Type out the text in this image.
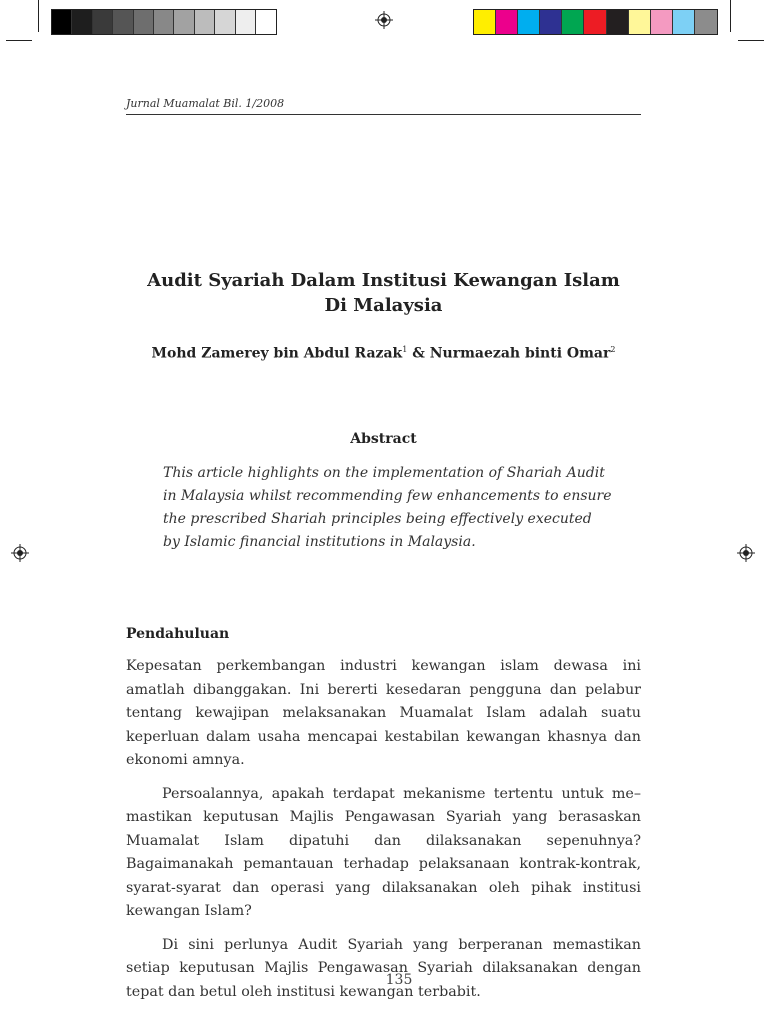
Jurnal Muamalat Bil. 1/2008
Audit Syariah Dalam Institusi Kewangan Islam
Di Malaysia
Mohd Zamerey bin Abdul Razak$^1$ & Nurmaezah binti Omar$^2$
Abstract
This article highlights on the implementation of Shariah Audit in Malaysia whilst recommending few enhancements to ensure the prescribed Shariah principles being effectively executed by Islamic financial institutions in Malaysia.
Pendahuluan

Kepesatan perkembangan industri kewangan islam dewasa ini amatlah dibanggakan. Ini bererti kesedaran pengguna dan pelabur tentang kewajipan melaksanakan Muamalat Islam adalah suatu keperluan dalam usaha mencapai kestabilan kewangan khasnya dan ekonomi amnya.

Persoalannya, apakah terdapat mekanisme tertentu untuk me– mastikan keputusan Majlis Pengawasan Syariah yang berasaskan Muamalat Islam dipatuhi dan dilaksanakan sepenuhnya? Bagaimanakah pemantauan terhadap pelaksanaan kontrak-kontrak, syarat-syarat dan operasi yang dilaksanakan oleh pihak institusi kewangan Islam?

Di sini perlunya Audit Syariah yang berperanan memastikan setiap keputusan Majlis Pengawasan Syariah dilaksanakan dengan tepat dan betul oleh institusi kewangan terbabit.

135
